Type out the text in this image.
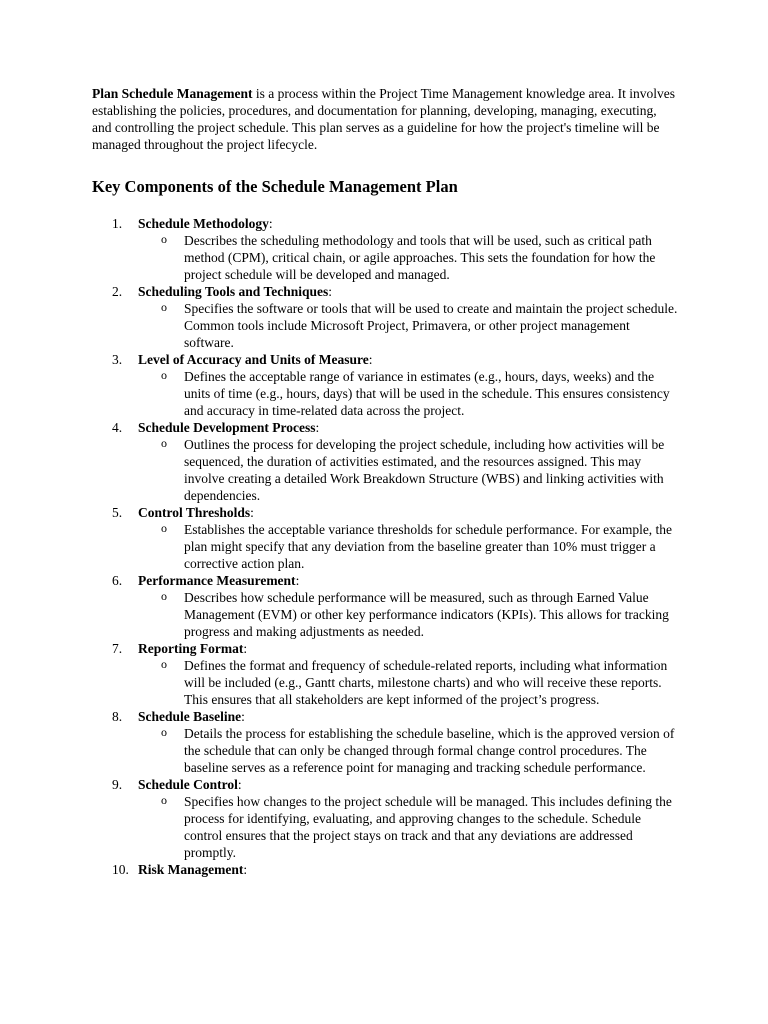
Plan Schedule Management is a process within the Project Time Management knowledge area. It involves establishing the policies, procedures, and documentation for planning, developing, managing, executing, and controlling the project schedule. This plan serves as a guideline for how the project's timeline will be managed throughout the project lifecycle.

Key Components of the Schedule Management Plan
1.	Schedule Methodology:
o Describes the scheduling methodology and tools that will be used, such as critical path method (CPM), critical chain, or agile approaches. This sets the foundation for how the project schedule will be developed and managed.
2.	Scheduling Tools and Techniques:
o Specifies the software or tools that will be used to create and maintain the project schedule. Common tools include Microsoft Project, Primavera, or other project management software.
3.	Level of Accuracy and Units of Measure:
o Defines the acceptable range of variance in estimates (e.g., hours, days, weeks) and the units of time (e.g., hours, days) that will be used in the schedule. This ensures consistency and accuracy in time-related data across the project.
4.	Schedule Development Process:
o Outlines the process for developing the project schedule, including how activities will be sequenced, the duration of activities estimated, and the resources assigned. This may involve creating a detailed Work Breakdown Structure (WBS) and linking activities with dependencies.
5.	Control Thresholds:
o Establishes the acceptable variance thresholds for schedule performance. For example, the plan might specify that any deviation from the baseline greater than 10% must trigger a corrective action plan.
6.	Performance Measurement:
o Describes how schedule performance will be measured, such as through Earned Value Management (EVM) or other key performance indicators (KPIs). This allows for tracking progress and making adjustments as needed.
7.	Reporting Format:
o Defines the format and frequency of schedule-related reports, including what information will be included (e.g., Gantt charts, milestone charts) and who will receive these reports. This ensures that all stakeholders are kept informed of the project’s progress.
8.	Schedule Baseline:
o Details the process for establishing the schedule baseline, which is the approved version of the schedule that can only be changed through formal change control procedures. The baseline serves as a reference point for managing and tracking schedule performance.
9.	Schedule Control:
o Specifies how changes to the project schedule will be managed. This includes defining the process for identifying, evaluating, and approving changes to the schedule. Schedule control ensures that the project stays on track and that any deviations are addressed promptly.
10. Risk Management:
